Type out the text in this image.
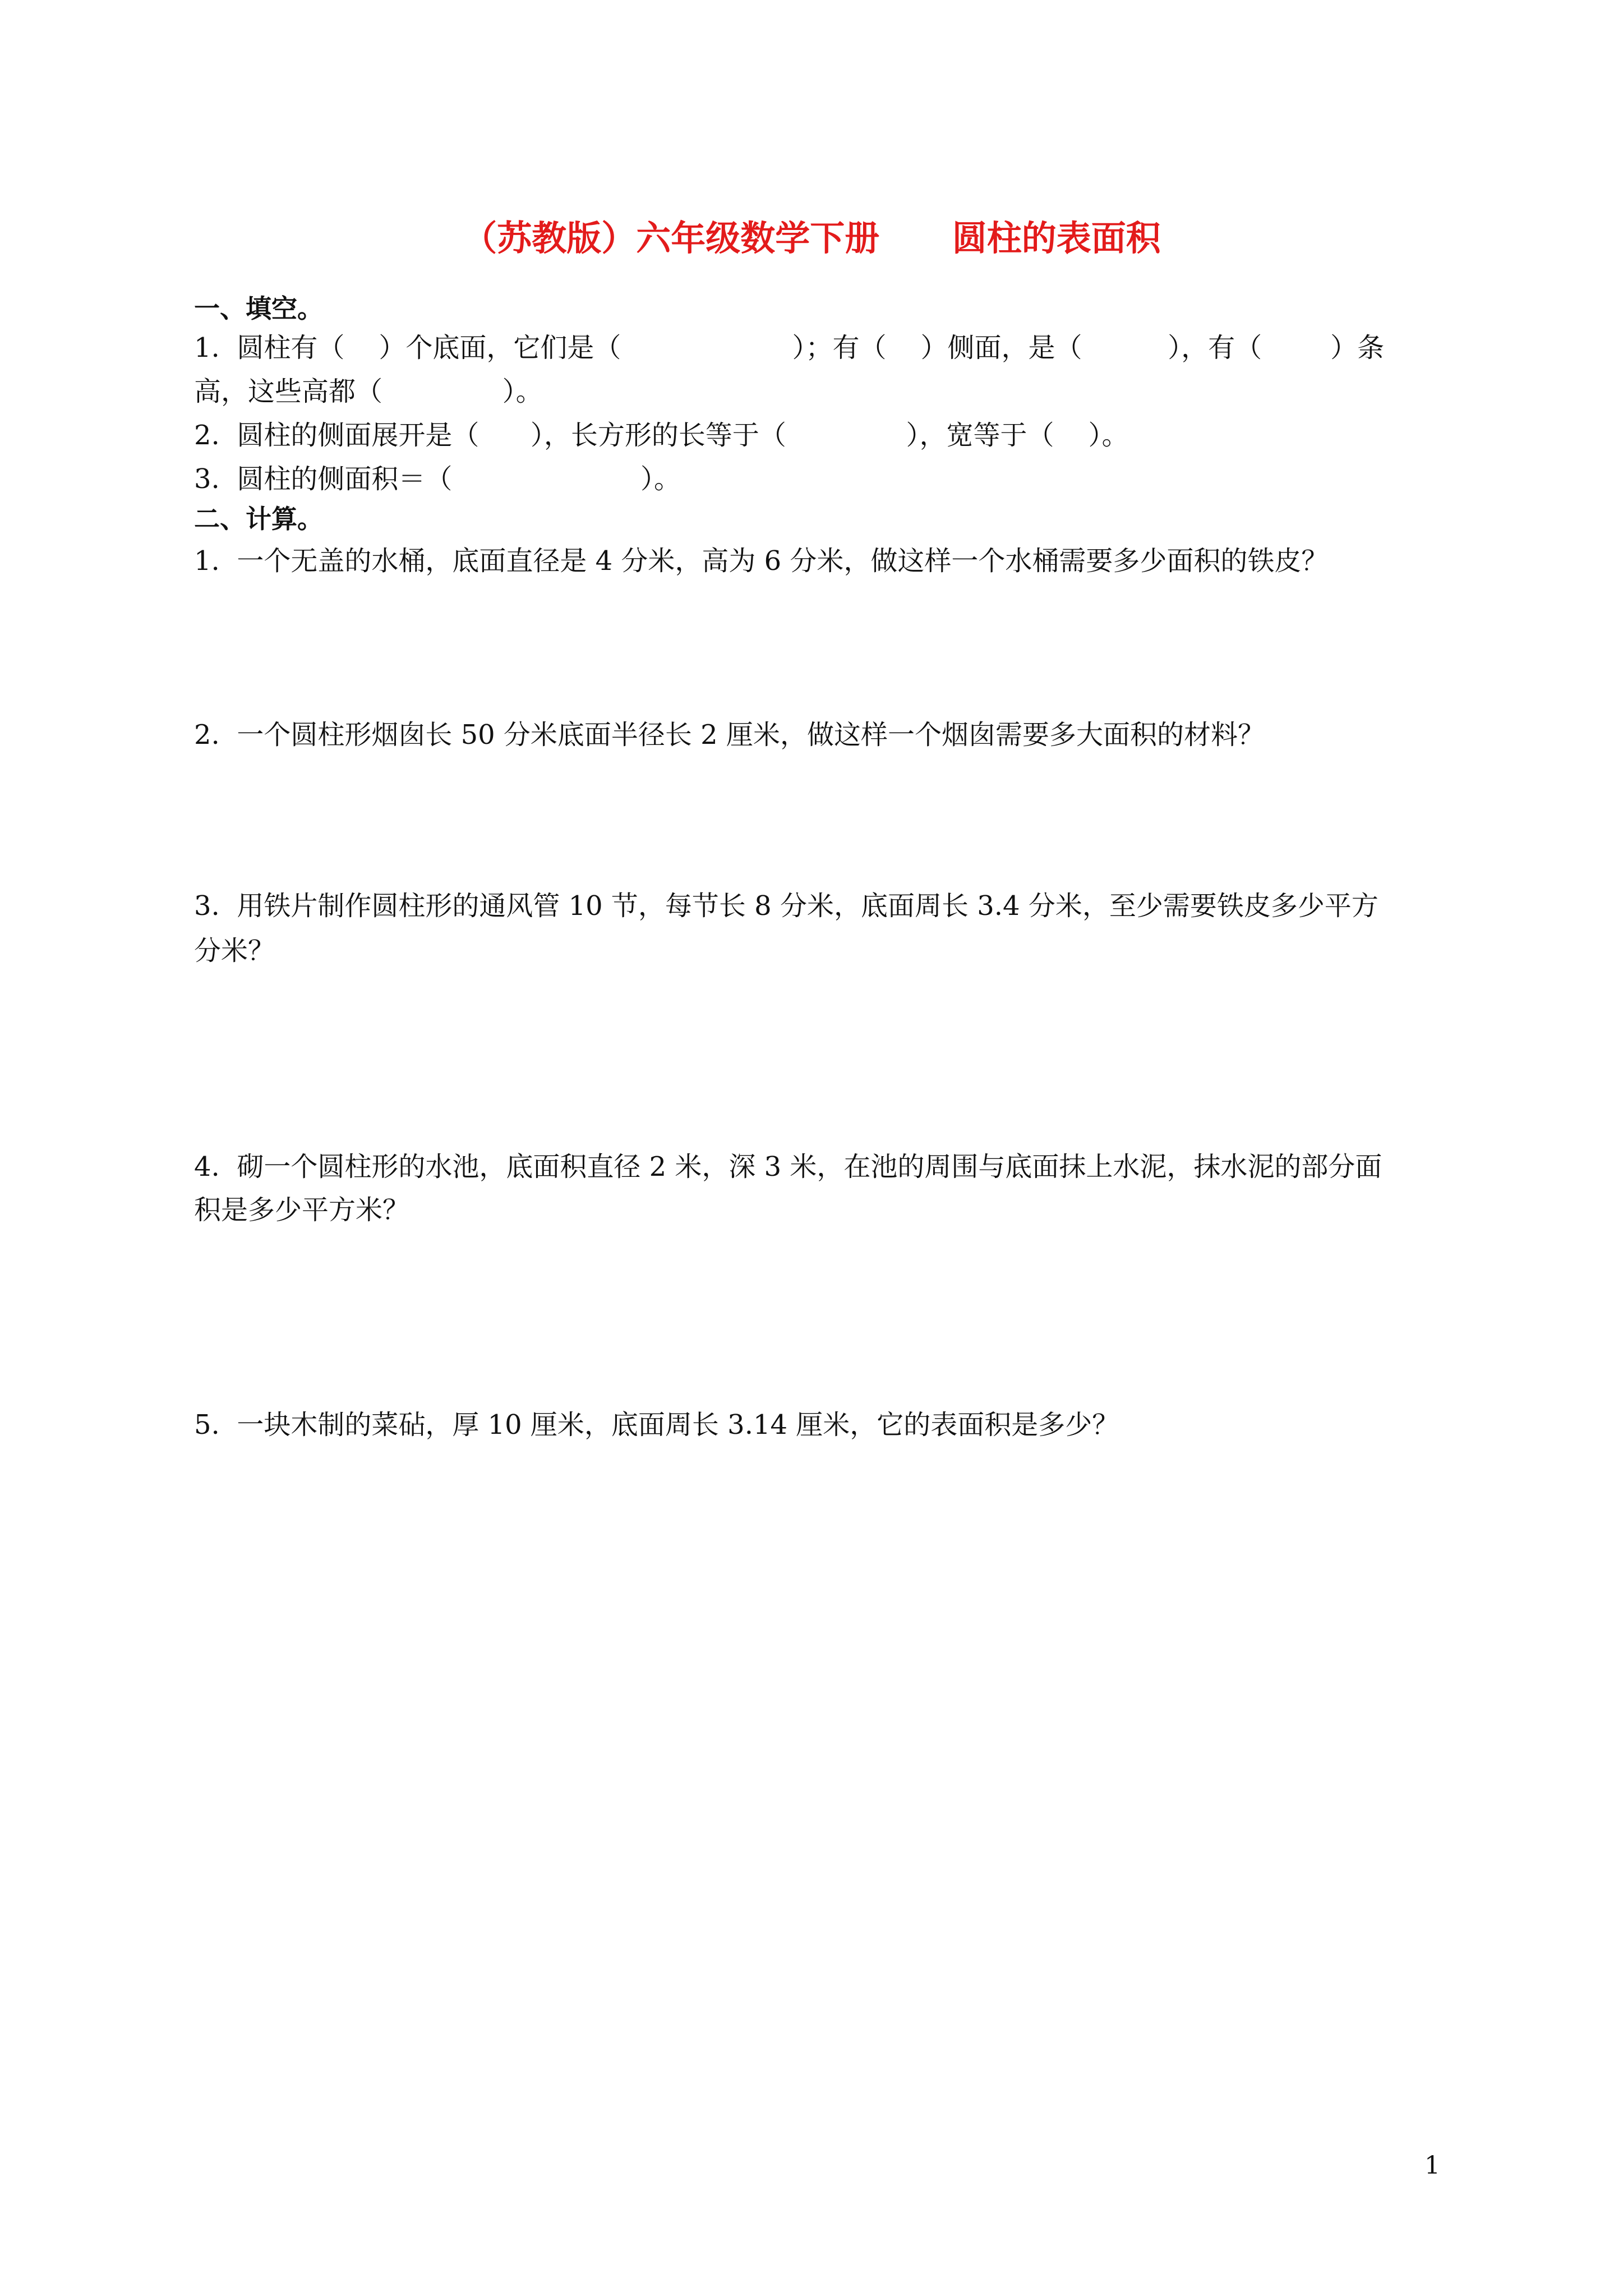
（苏教版）六年级数学下册      圆柱的表面积
一、填空。
1.  圆柱有（    ）个底面，它们是（                    ）；有（    ）侧面，是（          ），有（        ）条
高，这些高都（              ）。
2.  圆柱的侧面展开是（      ），长方形的长等于（              ），宽等于（    ）。
3.  圆柱的侧面积＝（                      ）。
二、计算。
1.  一个无盖的水桶，底面直径是 4 分米，高为 6 分米，做这样一个水桶需要多少面积的铁皮？
2.  一个圆柱形烟囱长 50 分米底面半径长 2 厘米，做这样一个烟囱需要多大面积的材料？
3.  用铁片制作圆柱形的通风管 10 节，每节长 8 分米，底面周长 3.4 分米，至少需要铁皮多少平方
分米？
4.  砌一个圆柱形的水池，底面积直径 2 米，深 3 米，在池的周围与底面抹上水泥，抹水泥的部分面
积是多少平方米？
5.  一块木制的菜砧，厚 10 厘米，底面周长 3.14 厘米，它的表面积是多少？
1
